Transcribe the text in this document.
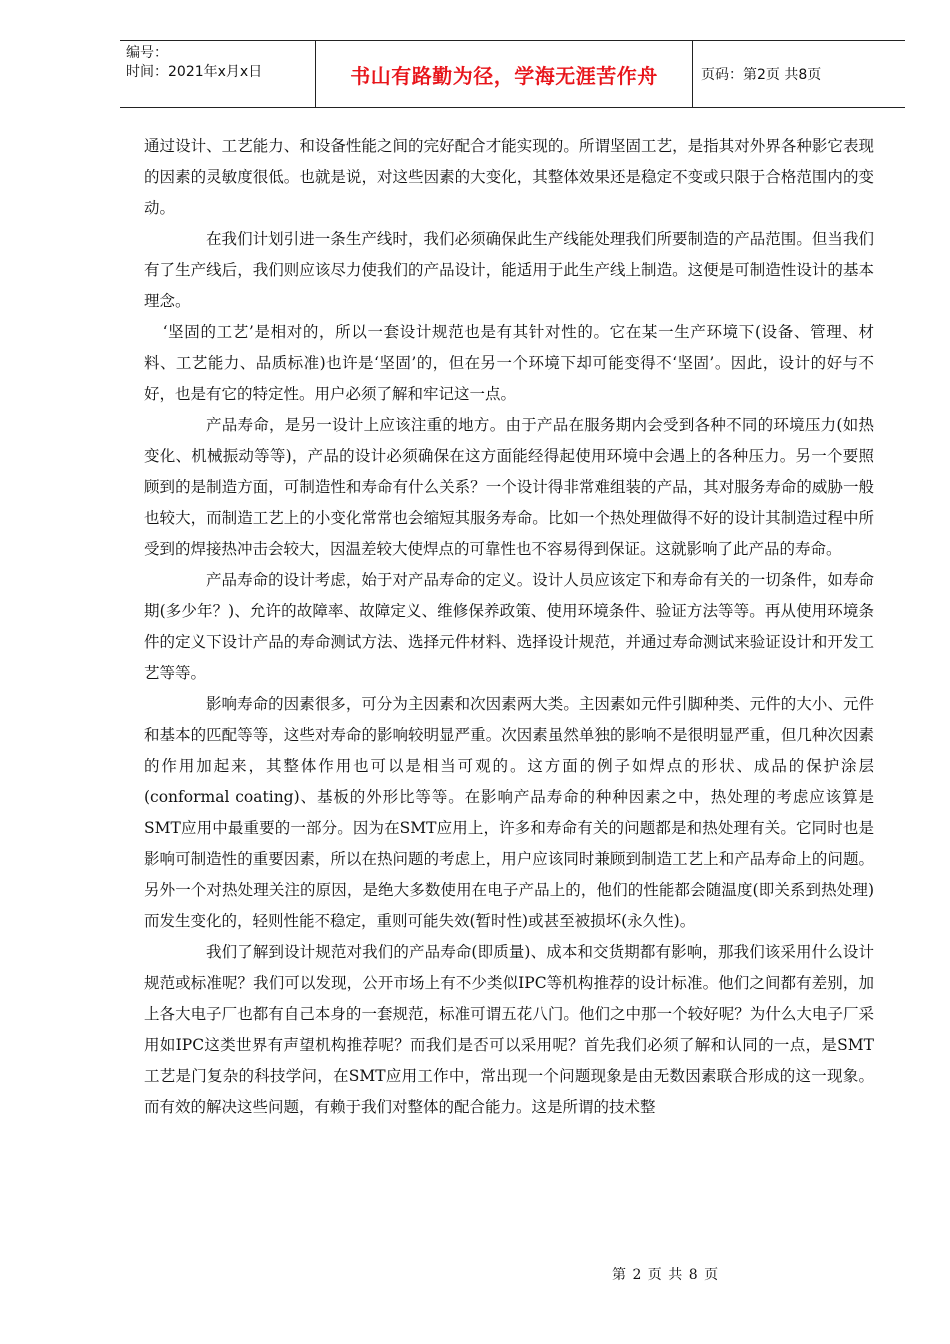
编号：
时间：2021年x月x日	书山有路勤为径，学海无涯苦作舟	页码：第2页 共8页

通过设计、工艺能力、和设备性能之间的完好配合才能实现的。所谓坚固工艺，是指其对外界各种影它表现的因素的灵敏度很低。也就是说，对这些因素的大变化，其整体效果还是稳定不变或只限于合格范围内的变动。

在我们计划引进一条生产线时，我们必须确保此生产线能处理我们所要制造的产品范围。但当我们有了生产线后，我们则应该尽力使我们的产品设计，能适用于此生产线上制造。这便是可制造性设计的基本理念。

‘坚固的工艺’是相对的，所以一套设计规范也是有其针对性的。它在某一生产环境下(设备、管理、材料、工艺能力、品质标准)也许是‘坚固’的，但在另一个环境下却可能变得不‘坚固’。因此，设计的好与不好，也是有它的特定性。用户必须了解和牢记这一点。

产品寿命，是另一设计上应该注重的地方。由于产品在服务期内会受到各种不同的环境压力(如热变化、机械振动等等)，产品的设计必须确保在这方面能经得起使用环境中会遇上的各种压力。另一个要照顾到的是制造方面，可制造性和寿命有什么关系？一个设计得非常难组装的产品，其对服务寿命的威胁一般也较大，而制造工艺上的小变化常常也会缩短其服务寿命。比如一个热处理做得不好的设计其制造过程中所受到的焊接热冲击会较大，因温差较大使焊点的可靠性也不容易得到保证。这就影响了此产品的寿命。

产品寿命的设计考虑，始于对产品寿命的定义。设计人员应该定下和寿命有关的一切条件，如寿命期(多少年？)、允许的故障率、故障定义、维修保养政策、使用环境条件、验证方法等等。再从使用环境条件的定义下设计产品的寿命测试方法、选择元件材料、选择设计规范，并通过寿命测试来验证设计和开发工艺等等。

影响寿命的因素很多，可分为主因素和次因素两大类。主因素如元件引脚种类、元件的大小、元件和基本的匹配等等，这些对寿命的影响较明显严重。次因素虽然单独的影响不是很明显严重，但几种次因素的作用加起来，其整体作用也可以是相当可观的。这方面的例子如焊点的形状、成品的保护涂层(conformal coating)、基板的外形比等等。在影响产品寿命的种种因素之中，热处理的考虑应该算是SMT应用中最重要的一部分。因为在SMT应用上，许多和寿命有关的问题都是和热处理有关。它同时也是影响可制造性的重要因素，所以在热问题的考虑上，用户应该同时兼顾到制造工艺上和产品寿命上的问题。另外一个对热处理关注的原因，是绝大多数使用在电子产品上的，他们的性能都会随温度(即关系到热处理)而发生变化的，轻则性能不稳定，重则可能失效(暂时性)或甚至被损坏(永久性)。

我们了解到设计规范对我们的产品寿命(即质量)、成本和交货期都有影响，那我们该采用什么设计规范或标准呢？我们可以发现，公开市场上有不少类似IPC等机构推荐的设计标准。他们之间都有差别，加上各大电子厂也都有自己本身的一套规范，标准可谓五花八门。他们之中那一个较好呢？为什么大电子厂采用如IPC这类世界有声望机构推荐呢？而我们是否可以采用呢？首先我们必须了解和认同的一点，是SMT工艺是门复杂的科技学问，在SMT应用工作中，常出现一个问题现象是由无数因素联合形成的这一现象。而有效的解决这些问题，有赖于我们对整体的配合能力。这是所谓的技术整

第 2 页 共 8 页
